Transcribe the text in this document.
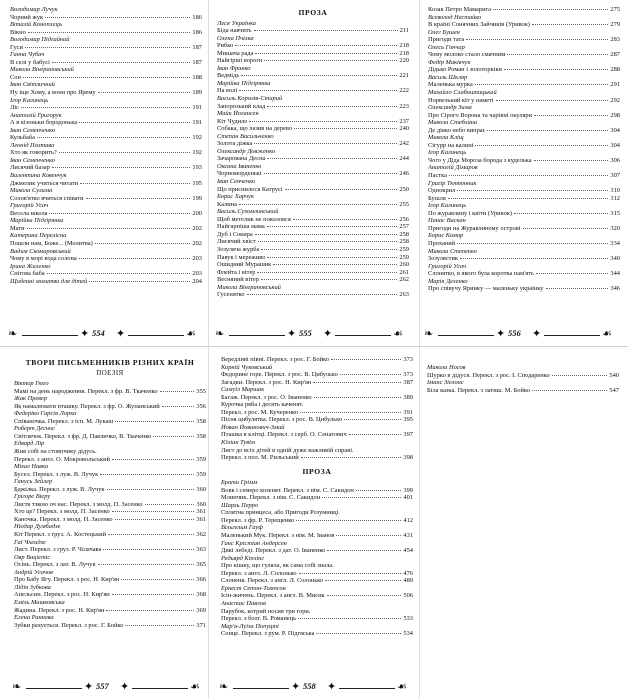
Володимир Лучук
Чорний жук	186
Віталій Коноплецъ
Вікно	186
Володимир Підгайний
Гуси	187
Ганна Чубач
В селі у бабусі	187
Микола Вінграновський
Сон	188
Іван Світличний
Ну іще Хому, а вони про Ярему	189
Ігор Калинець
Ліс	191
Анатолій Григорук
А в кізоньки бородонька	191
Іван Семенченко
Кульбаба	192
Леонід Полтава
Хто як говорить?	192
Іван Семенченко
Лисячий базар	193
Валентина Ковенчук
Джмелик учиться читати	195
Микола Сулима
Солов'ятко вчиться співати	199
Григорій Усач
Весела школа	200
Марійка Підгірянка
Мати	202
Катерина Перелісна
Пошли нам, Боже... (Молитва)	202
Вадим Скомаровський
Чому в морі вода солона	203
Ірина Жиленко
Снігова баба	203
Щоденні молитви для дітей	204
ПРОЗА
Леся Українка
Біда навчить	211
Олена Пчілка
Рибко	218
Мишача рада	218
Найгірші вороги	220
Іван Франко
Ведмідь	221
Марійка Підгірянка
На волі	222
Василь Королів-Старий
Запорозький клад	223
Майк Йогансен
Кіт Чудило	237
Собака, що лазив на дерево	240
Степан Васильченко
Золота діжка	242
Олександр Довженко
Зачарована Десна	244
Оксана Іваненко
Чорноморденькі	246
Іван Сенченко
Що приснилося Катрусі	250
Борис Харчук
Калина	255
Василь Сухомлинський
Щоб метелик не поколовся	256
Найгарніша мама	257
Дуб і Сокира	258
Лисячий хвіст	258
Зозуляча журба	259
Павук і мереживо	259
Ошидний Мурашик	260
Флейта і вітер	261
Весняний вітер	262
Микола Вінграновський
Гусенятко	263
Козак Петро Мамарига	275
Всеволод Нестайко
В країні Сонячних Зайчиків (Уривок)	279
Олег Бушен
Пригоди тата	283
Олесь Гончар
Чому молоко стало смачним	287
Федір Маківчук
Дідько Роман і золоторкіки	288
Василь Шкляр
Маленька мурка	291
Михайло Слабошпицький
Норвезький кіт у наметі	292
Олександр Зима
Про Сірого Ворона та чарівні окуляри	298
Микола Стеблина
Де діяко небо випрає	304
Микола Кліщ
Сігурр на калині	304
Ігор Калинець
Чого у Діда Мороза борода з куделька	306
Анатолій Дімаров
Пастка	307
Григір Тютюнник
Однокрил	310
Бушля	312
Ігор Калинець
По журавлину і квіти (Уривок)	315
Панас Вискан
Пригоди на Журавлиному острові	320
Борис Комар
Проханий	334
Микола Степенко
Зозулястик	340
Григорій Усач
Слонятко, в якого була коротка пам'ять	344
Марія Деленко
Про співучу Яринку — маленьку українку	346
ТВОРИ ПИСЬМЕННИКІВ РІЗНИХ КРАЇН
ПОЕЗІЯ
Віктор Гюго
Мамі на день народження. Перекл. з фр. В. Ткаченко	355
Жак Превер
Як намалювати пташку. Перекл. з фр. О. Жупанський	356
Федеріко Гарсія Лорка
Співаночка. Перекл. з ісп. М. Лукаш	358
Роберт Деснос
Світлячок. Перекл. з фр. Д. Павличко, В. Ткаченко	358
Едвард Лір
Жив собі на стовпчику дідусь.
Перекл. з англ. О. Мокровольський	359
Міхал Навка
Бусел. Перекл. з луж. В. Лучук	359
Ганусь Зейлер
Бджілка. Перекл. з луж. В. Лучук	360
Грігоре Віеру
Листя тзкою оч нас. Перекл. з молд. П. Засенко	360
Хто це? Перекл. з молд. П. Засенко	361
Каночка. Перекл. з молд. П. Засенко	361
Ніодар Думбадзе
Кіт Перекл. з груз. А. Костецький	362
Гаї Чхеидзе
Лист. Перекл. з груз. Р. Чілачава	363
Овр Вацієтіс
Осінь. Перекл. з лат. В. Лучук	365
Андрій Усачов
Про Бабу Ягу. Перекл. з рос. Н. Кир'ян	366
Лідія Зубкова
Апельсин. Перекл. з рос. Н. Кир'ян	368
Еміль Машковська
Жадина. Перекл. з рос. Н. Кир'ян	369
Елена Раннева
Зубки рахується. Перекл. з рос. Г. Бойко	371
Вередливі півні. Перекл. з рос. Г. Бойко	373
Корній Чуковський
Федорине горе. Перекл. з рос. В. Цибулько	373
Загадки. Перекл. з рос. Н. Кир'ян	387
Самуїл Маршак
Багаж. Перекл. з рос. О. Іваненко	389
Курочка ряба і десять каченят.
Перекл. з рос. М. Кучеренко	391
Пісня цибулятка. Перекл. з рос. В. Цибулько	395
Йован Йованович-Змай
Пташка в клітці. Перекл. з серб. О. Сенатович	397
Юліан Тувім
Лист до всіх дітей в одній дуже важливій справі.
Перекл. з пол. М. Рильський	398
ПРОЗА
Брати Грімм
Вовк і семеро козенят. Перекл. з нім. С. Сакидон	399
Млинчик. Перекл. з нім. С. Сакидон	401
Шарль Перро
Сплятна принцеса, або Пригоди Розумниці.
Перекл. з фр. Р. Терещенко	412
Вільгельм Гауф
Маленький Мук. Перекл. з нім. М. Іванов	431
Ганс Крістіан Андерсен
Дикі лебеді. Перекл. з дат. О. Іваненко	454
Редьярд Кіплінг
Про кішку, що гуляла, як сама собі знала.
Перекл. з англ. Л. Солонько	476
Слоненя. Перекл. з англ. Л. Солонько	489
Ернест Сетон-Томпсон
Ісін-жичень. Перекл. з англ. В. Мисик	506
Анастас Павлов
Парубок, котрий носив три гори.
Перекл. з болг. В. Романець	533
Мар'я-Луїза Попуцті
Сонце. Перекл. з рум. Р. Підгяська	534
Микола Носов
Шурко в дідуся. Перекл. з рос. І. Сподаренко	540
Іманс Зіелонс
Біла казка. Перекл. з латиш. М. Бойко	547
❧	✦ 554 ✦	☙ ❧	✦ 555 ✦	☙ ❧	✦ 556 ✦	☙
❧	✦ 557 ✦	☙ ❧	✦ 558 ✦	☙
